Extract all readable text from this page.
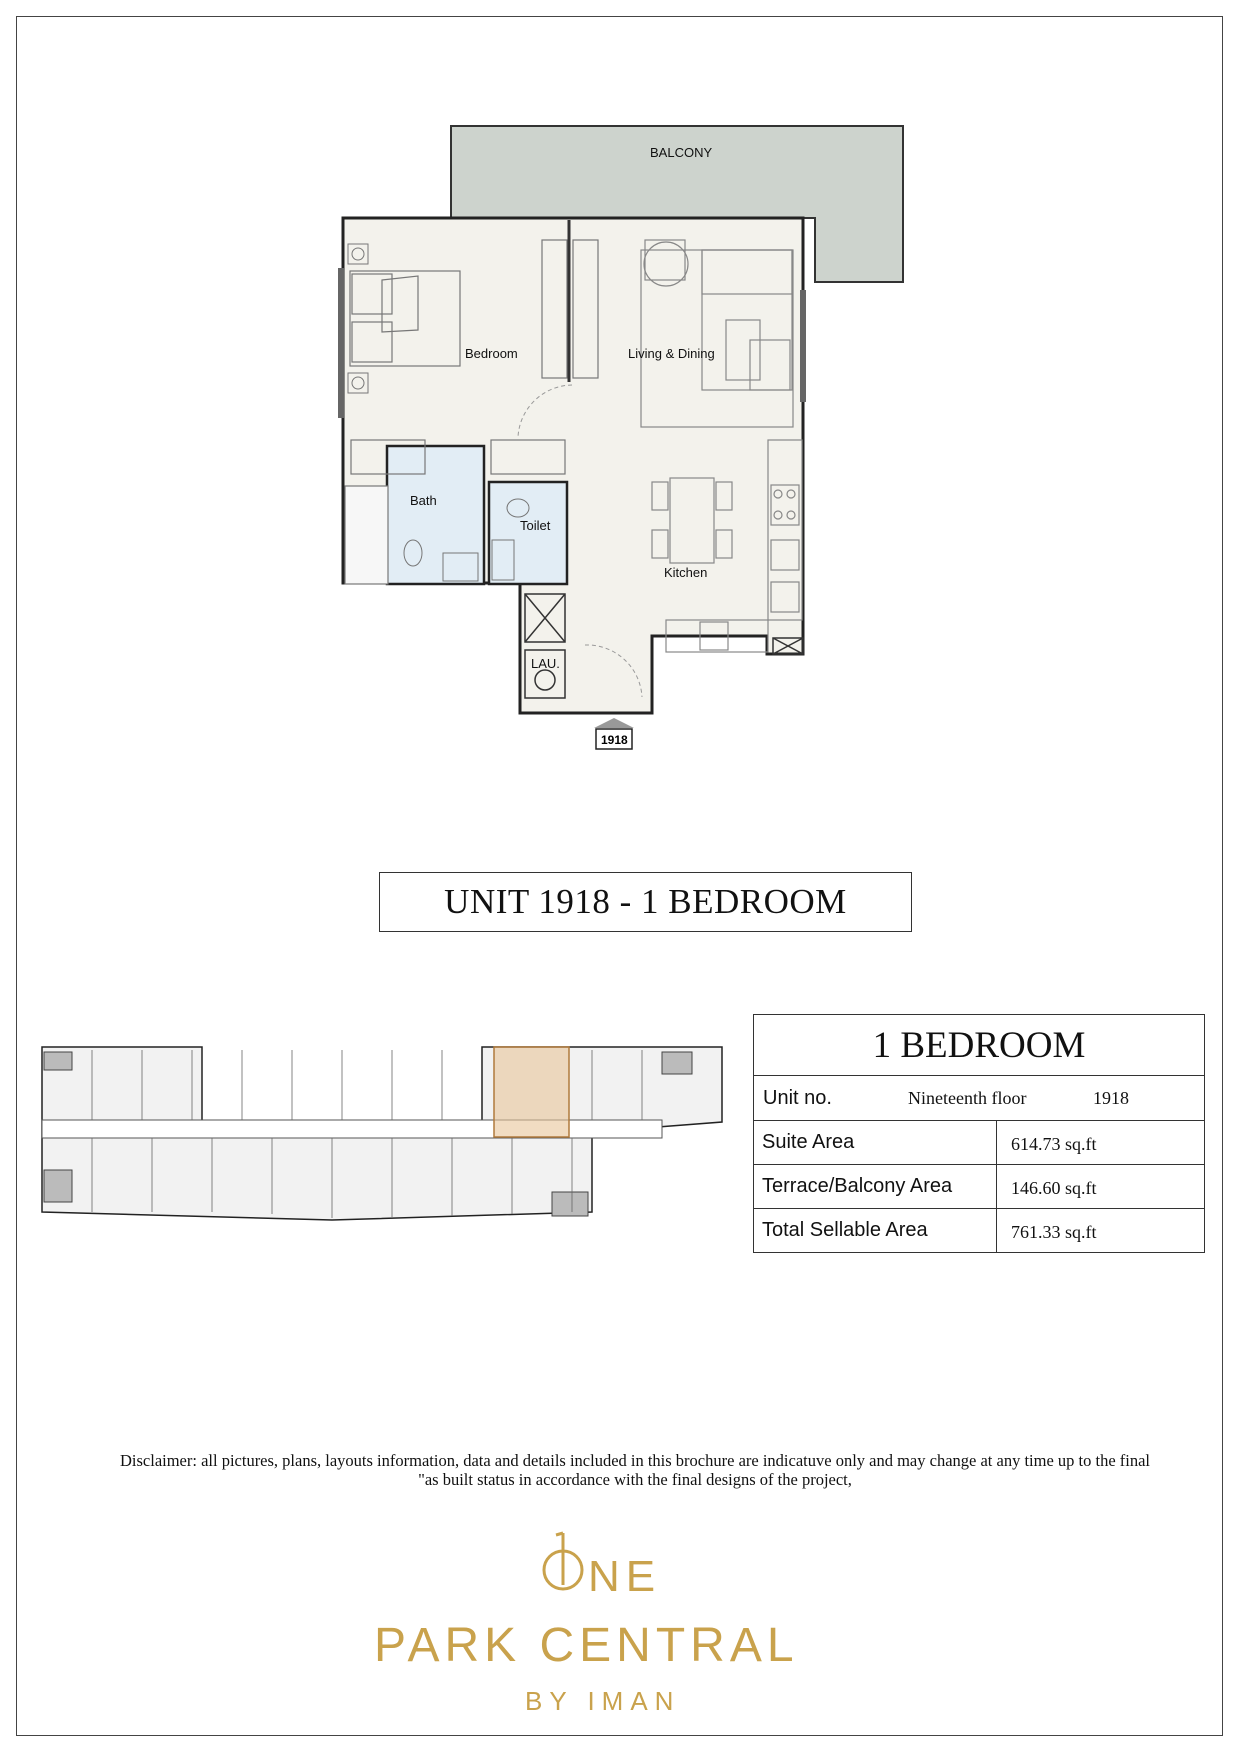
BALCONY
Bedroom	Living & Dining
Kitchen
Bath
Toilet
LAU.
1918
UNIT 1918 - 1 BEDROOM
1 BEDROOM	

Unit no. Nineteenth floor 1918	

Suite Area	614.73 sq.ft
Terrace/Balcony Area	146.60 sq.ft
Total Sellable Area	761.33 sq.ft
Disclaimer: all pictures, plans, layouts information, data and details included in this brochure are indicatuve only and may change at any time up to the final
"as built status in accordance with the final designs of the project,
NE
PARK CENTRAL
BY IMAN
